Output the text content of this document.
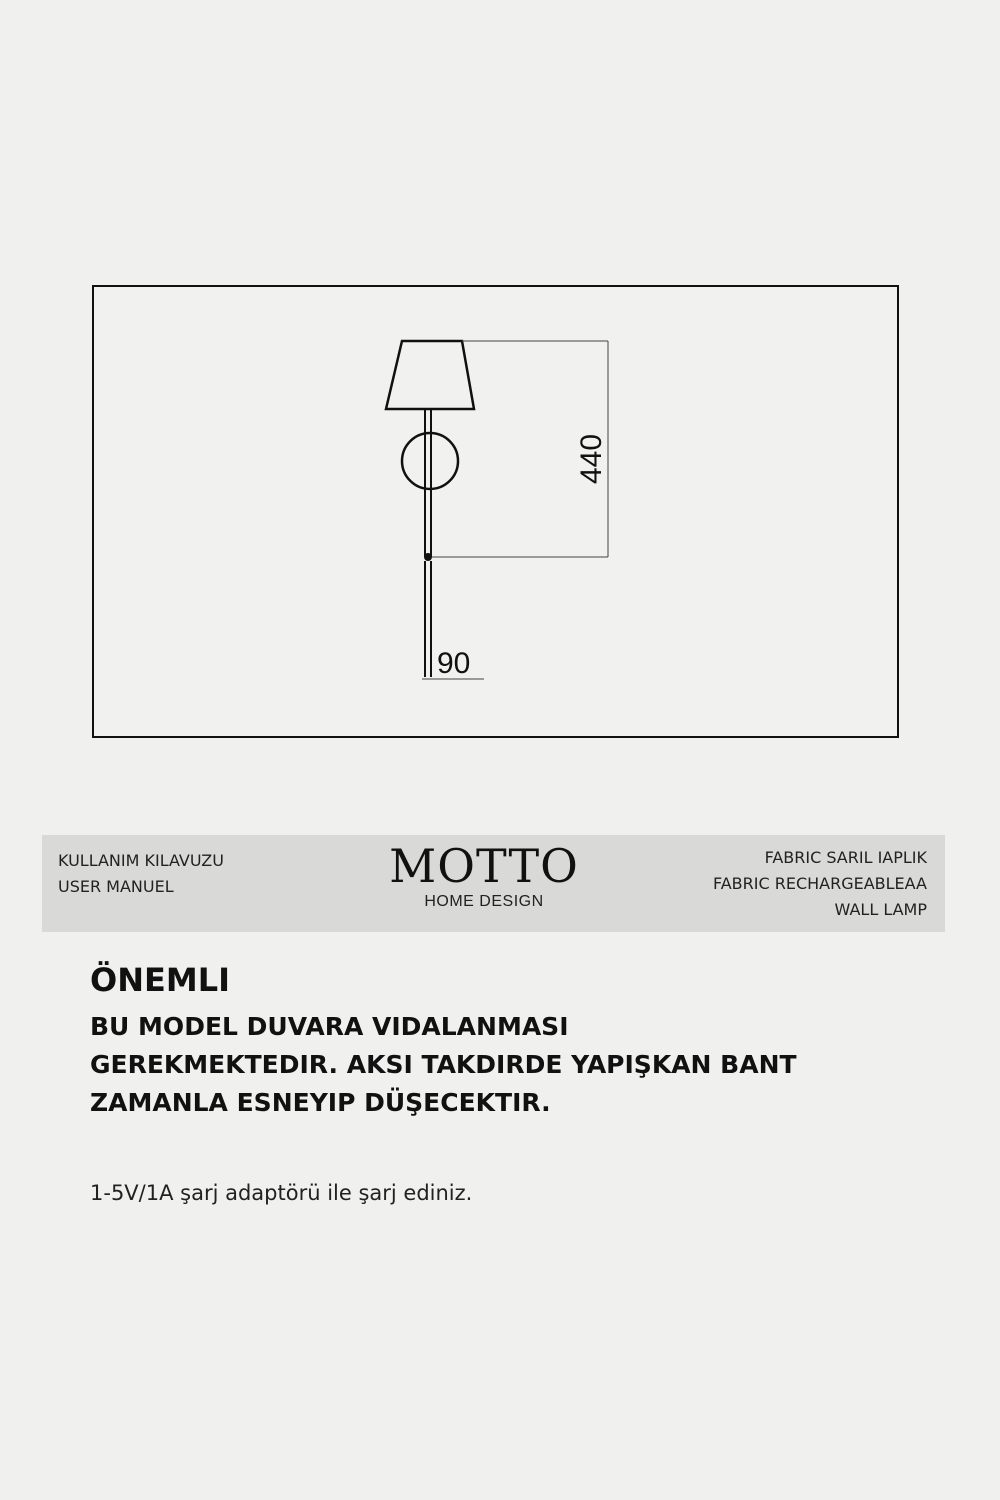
440
90
KULLANIM KILAVUZU
USER MANUEL	MOTTO
HOME DESIGN
FABRIC SARIL IAPLIK
FABRIC RECHARGEABLEAA
WALL LAMP
ÖNEMLI
BU MODEL DUVARA VIDALANMASI
GEREKMEKTEDIR. AKSI TAKDIRDE YAPIŞKAN BANT
ZAMANLA ESNEYIP DÜŞECEKTIR.
1-5V/1A şarj adaptörü ile şarj ediniz.
